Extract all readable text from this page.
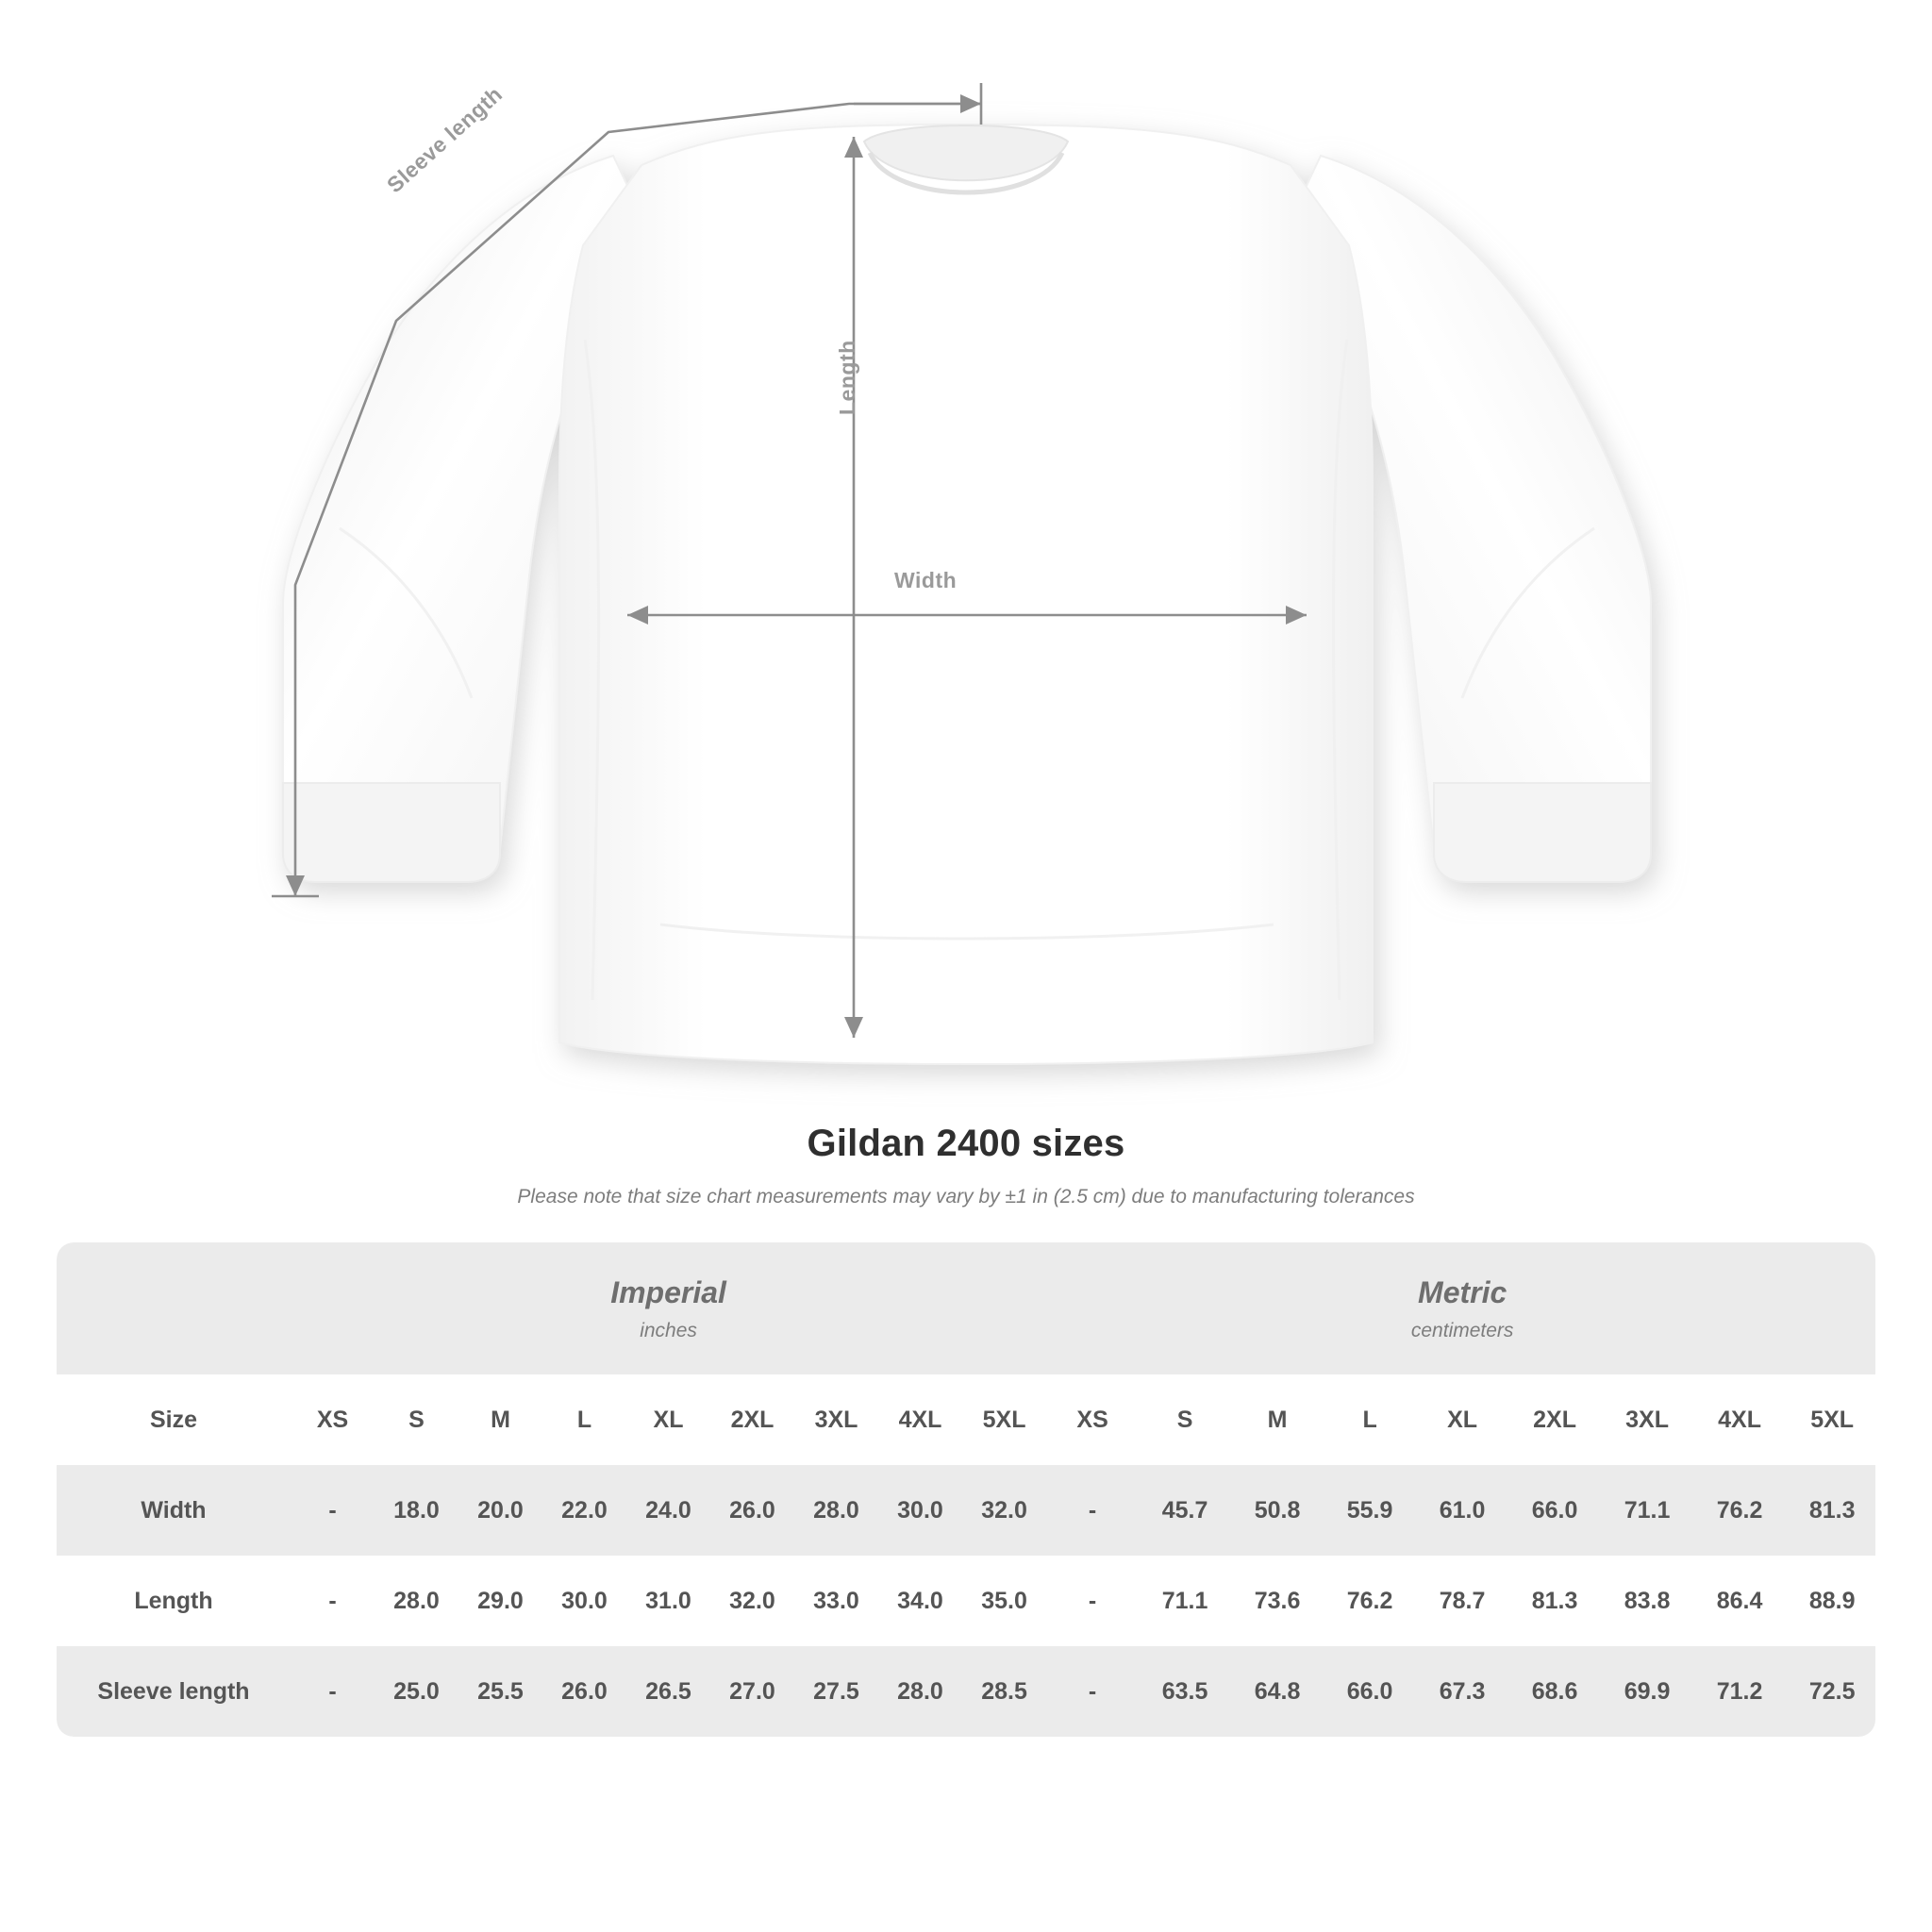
Width
Length
Sleeve length
Gildan 2400 sizes
Please note that size chart measurements may vary by ±1 in (2.5 cm) due to manufacturing tolerances

	Imperial
inches									Metric
centimeters								

Size	XS	S	M	L	XL	2XL	3XL	4XL	5XL	XS	S	M	L	XL	2XL	3XL	4XL	5XL
Width	-	18.0	20.0	22.0	24.0	26.0	28.0	30.0	32.0	-	45.7	50.8	55.9	61.0	66.0	71.1	76.2	81.3
Length	-	28.0	29.0	30.0	31.0	32.0	33.0	34.0	35.0	-	71.1	73.6	76.2	78.7	81.3	83.8	86.4	88.9
Sleeve length	-	25.0	25.5	26.0	26.5	27.0	27.5	28.0	28.5	-	63.5	64.8	66.0	67.3	68.6	69.9	71.2	72.5
